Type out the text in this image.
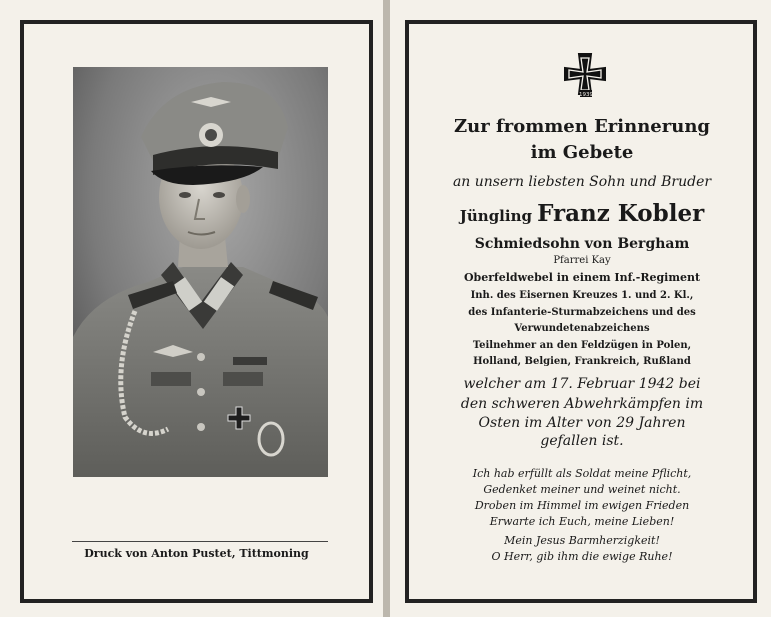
Druck von Anton Pustet, Tittmoning
1939
Zur frommen Erinnerung
im Gebete
an unsern liebsten Sohn und Bruder
Jüngling Franz Kobler
Schmiedsohn von Bergham
Pfarrei Kay
Oberfeldwebel in einem Inf.-Regiment
Inh. des Eisernen Kreuzes 1. und 2. Kl.,
des Infanterie-Sturmabzeichens und des
Verwundetenabzeichens
Teilnehmer an den Feldzügen in Polen,
Holland, Belgien, Frankreich, Rußland
welcher am 17. Februar 1942 bei
den schweren Abwehrkämpfen im
Osten im Alter von 29 Jahren
gefallen ist.
Ich hab erfüllt als Soldat meine Pflicht,
Gedenket meiner und weinet nicht.
Droben im Himmel im ewigen Frieden
Erwarte ich Euch, meine Lieben!
Mein Jesus Barmherzigkeit!
O Herr, gib ihm die ewige Ruhe!
